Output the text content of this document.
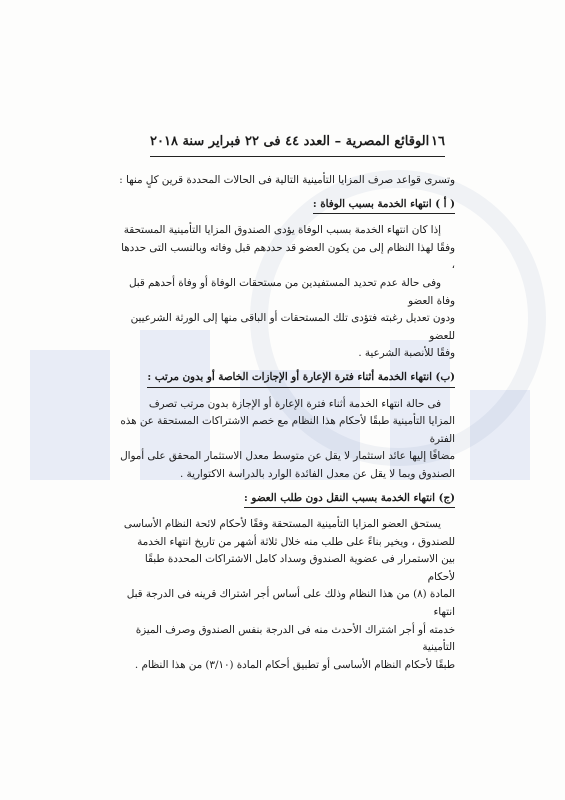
١٦
الوقائع المصرية – العدد ٤٤ فى ٢٢ فبراير سنة ٢٠١٨

وتسرى قواعد صرف المزايا التأمينية التالية فى الحالات المحددة قرين كلٍ منها :

( أ ) انتهاء الخدمة بسبب الوفاة :

إذا كان انتهاء الخدمة بسبب الوفاة يؤدى الصندوق المزايا التأمينية المستحقة

وفقًا لهذا النظام إلى من يكون العضو قد حددهم قبل وفاته وبالنسب التى حددها ،

وفى حالة عدم تحديد المستفيدين من مستحقات الوفاة أو وفاة أحدهم قبل وفاة العضو

ودون تعديل رغبته فتؤدى تلك المستحقات أو الباقى منها إلى الورثة الشرعيين للعضو

وفقًا للأنصبة الشرعية .

(ب) انتهاء الخدمة أثناء فترة الإعارة أو الإجازات الخاصة أو بدون مرتب :

فى حالة انتهاء الخدمة أثناء فترة الإعارة أو الإجازة بدون مرتب تصرف

المزايا التأمينية طبقًا لأحكام هذا النظام مع خصم الاشتراكات المستحقة عن هذه الفترة

مضافًا إليها عائد استثمار لا يقل عن متوسط معدل الاستثمار المحقق على أموال

الصندوق وبما لا يقل عن معدل الفائدة الوارد بالدراسة الاكتوارية .

(ج) انتهاء الخدمة بسبب النقل دون طلب العضو :

يستحق العضو المزايا التأمينية المستحقة وفقًا لأحكام لائحة النظام الأساسى

للصندوق ، ويخير بناءً على طلب منه خلال ثلاثة أشهر من تاريخ انتهاء الخدمة

بين الاستمرار فى عضوية الصندوق وسداد كامل الاشتراكات المحددة طبقًا لأحكام

المادة (٨) من هذا النظام وذلك على أساس أجر اشتراك قرينه فى الدرجة قبل انتهاء

خدمته أو أجر اشتراك الأحدث منه فى الدرجة بنفس الصندوق وصرف الميزة التأمينية

طبقًا لأحكام النظام الأساسى أو تطبيق أحكام المادة (٣/١٠) من هذا النظام .
